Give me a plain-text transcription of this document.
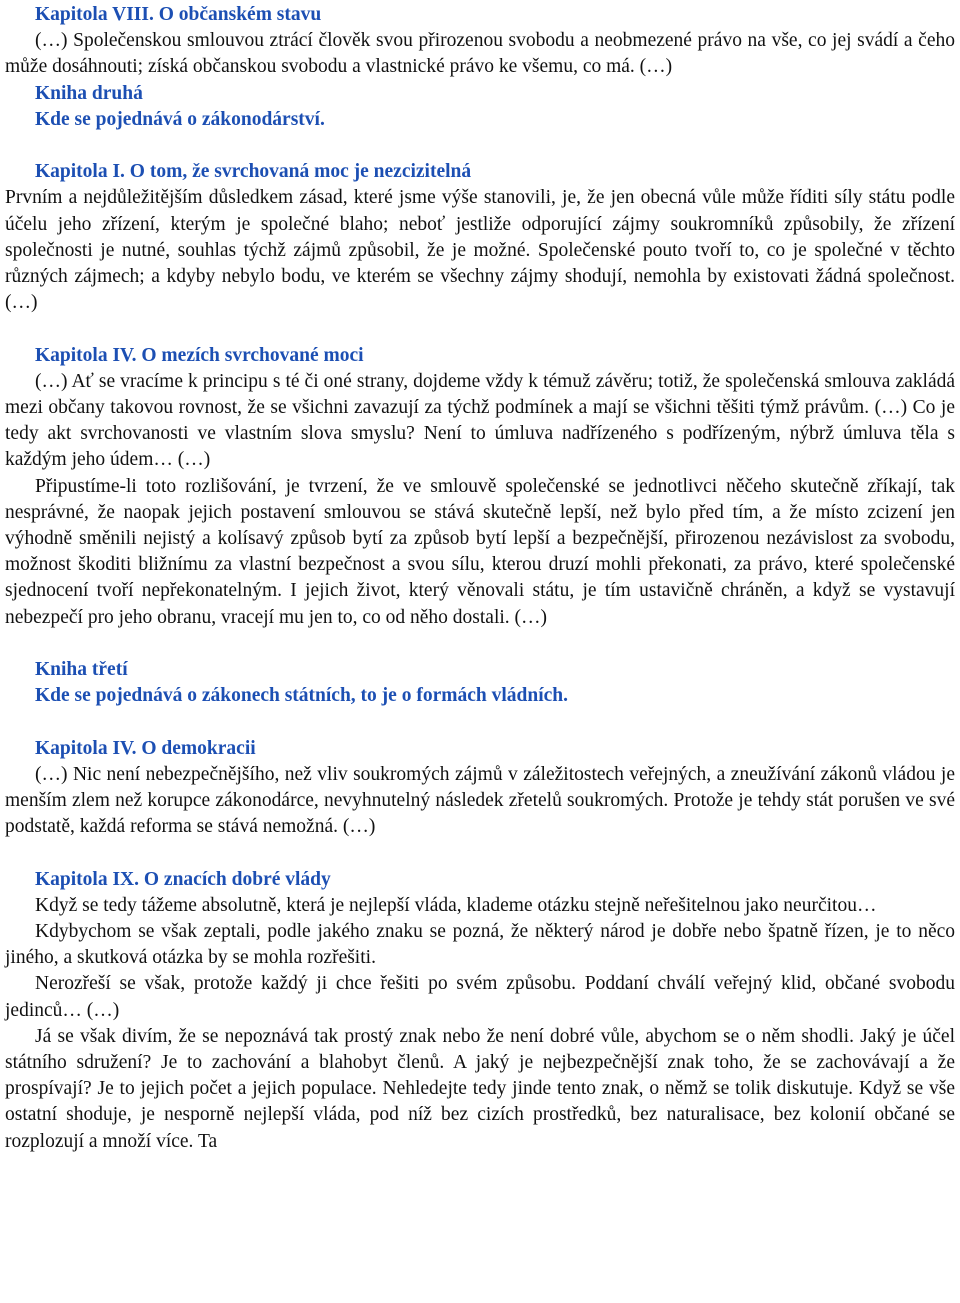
Kapitola VIII. O občanském stavu

(…) Společenskou smlouvou ztrácí člověk svou přirozenou svobodu a neobmezené právo na vše, co jej svádí a čeho může dosáhnouti; získá občanskou svobodu a vlastnické právo ke všemu, co má. (…)

Kniha druhá
Kde se pojednává o zákonodárství.
Kapitola I. O tom, že svrchovaná moc je nezcizitelná

Prvním a nejdůležitějším důsledkem zásad, které jsme výše stanovili, je, že jen obecná vůle může říditi síly státu podle účelu jeho zřízení, kterým je společné blaho; neboť jestliže odporující zájmy soukromníků způsobily, že zřízení společnosti je nutné, souhlas týchž zájmů způsobil, že je možné. Společenské pouto tvoří to, co je společné v těchto různých zájmech; a kdyby nebylo bodu, ve kterém se všechny zájmy shodují, nemohla by existovati žádná společnost. (…)

Kapitola IV. O mezích svrchované moci

(…) Ať se vracíme k principu s té či oné strany, dojdeme vždy k témuž závěru; totiž, že společenská smlouva zakládá mezi občany takovou rovnost, že se všichni zavazují za týchž podmínek a mají se všichni těšiti týmž právům. (…) Co je tedy akt svrchovanosti ve vlastním slova smyslu? Není to úmluva nadřízeného s podřízeným, nýbrž úmluva těla s každým jeho údem… (…)

Připustíme-li toto rozlišování, je tvrzení, že ve smlouvě společenské se jednotlivci něčeho skutečně zříkají, tak nesprávné, že naopak jejich postavení smlouvou se stává skutečně lepší, než bylo před tím, a že místo zcizení jen výhodně směnili nejistý a kolísavý způsob bytí za způsob bytí lepší a bezpečnější, přirozenou nezávislost za svobodu, možnost škoditi bližnímu za vlastní bezpečnost a svou sílu, kterou druzí mohli překonati, za právo, které společenské sjednocení tvoří nepřekonatelným. I jejich život, který věnovali státu, je tím ustavičně chráněn, a když se vystavují nebezpečí pro jeho obranu, vracejí mu jen to, co od něho dostali. (…)

Kniha třetí
Kde se pojednává o zákonech státních, to je o formách vládních.
Kapitola IV. O demokracii

(…) Nic není nebezpečnějšího, než vliv soukromých zájmů v záležitostech veřejných, a zneužívání zákonů vládou je menším zlem než korupce zákonodárce, nevyhnutelný následek zřetelů soukromých. Protože je tehdy stát porušen ve své podstatě, každá reforma se stává nemožná. (…)

Kapitola IX. O znacích dobré vlády

Když se tedy tážeme absolutně, která je nejlepší vláda, klademe otázku stejně neřešitelnou jako neurčitou…

Kdybychom se však zeptali, podle jakého znaku se pozná, že některý národ je dobře nebo špatně řízen, je to něco jiného, a skutková otázka by se mohla rozřešiti.

Nerozřeší se však, protože každý ji chce řešiti po svém způsobu. Poddaní chválí veřejný klid, občané svobodu jedinců… (…)

Já se však divím, že se nepoznává tak prostý znak nebo že není dobré vůle, abychom se o něm shodli. Jaký je účel státního sdružení? Je to zachování a blahobyt členů. A jaký je nejbezpečnější znak toho, že se zachovávají a že prospívají? Je to jejich počet a jejich populace. Nehledejte tedy jinde tento znak, o němž se tolik diskutuje. Když se vše ostatní shoduje, je nesporně nejlepší vláda, pod níž bez cizích prostředků, bez naturalisace, bez kolonií občané se rozplozují a množí více. Ta
